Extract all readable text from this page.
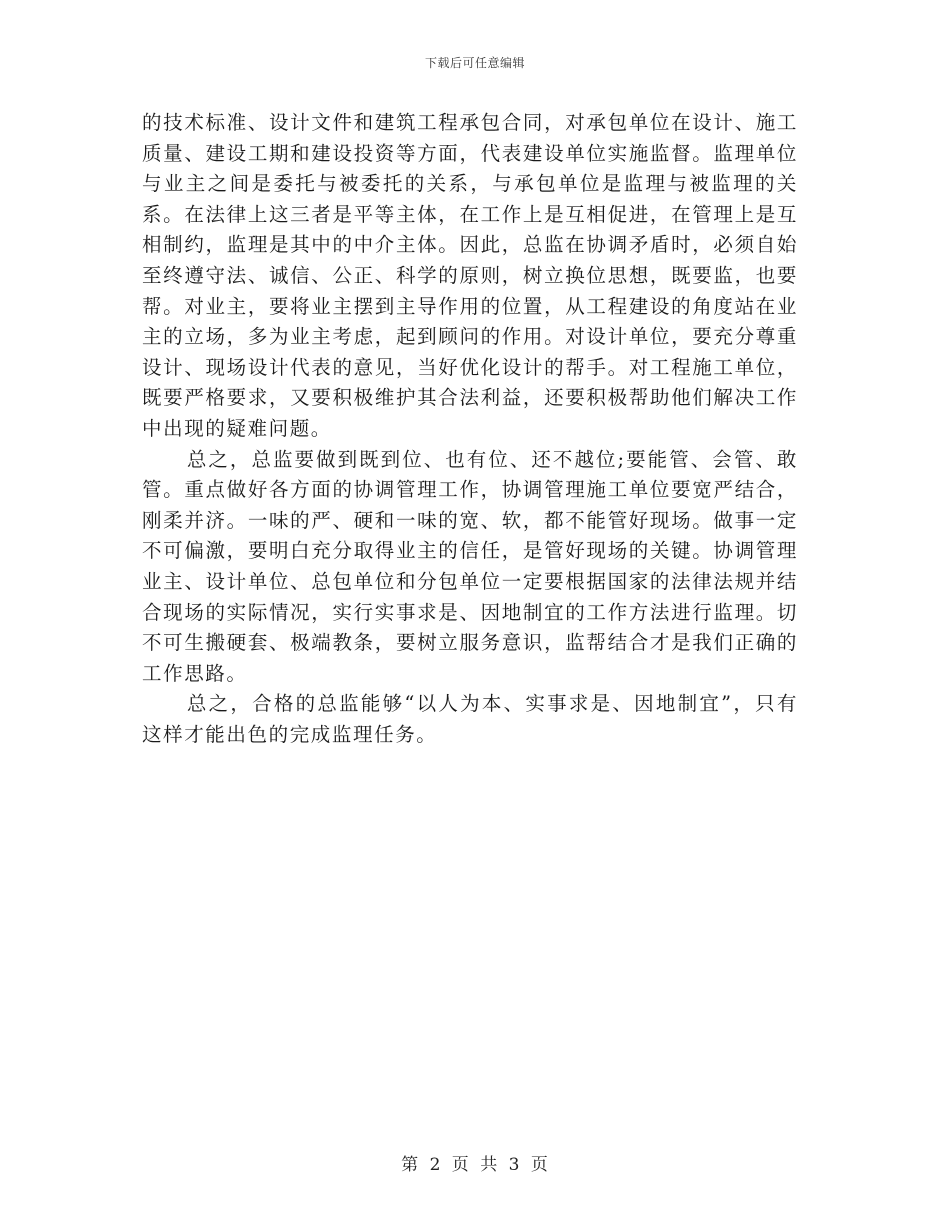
下载后可任意编辑

的技术标准、设计文件和建筑工程承包合同，对承包单位在设计、施工质量、建设工期和建设投资等方面，代表建设单位实施监督。监理单位与业主之间是委托与被委托的关系，与承包单位是监理与被监理的关系。在法律上这三者是平等主体，在工作上是互相促进，在管理上是互相制约，监理是其中的中介主体。因此，总监在协调矛盾时，必须自始至终遵守法、诚信、公正、科学的原则，树立换位思想，既要监，也要帮。对业主，要将业主摆到主导作用的位置，从工程建设的角度站在业主的立场，多为业主考虑，起到顾问的作用。对设计单位，要充分尊重设计、现场设计代表的意见，当好优化设计的帮手。对工程施工单位， 既要严格要求，又要积极维护其合法利益，还要积极帮助他们解决工作中出现的疑难问题。

总之，总监要做到既到位、也有位、还不越位;要能管、会管、敢管。重点做好各方面的协调管理工作，协调管理施工单位要宽严结合，刚柔并济。一味的严、硬和一味的宽、软，都不能管好现场。做事一定不可偏激，要明白充分取得业主的信任，是管好现场的关键。协调管理业主、设计单位、总包单位和分包单位一定要根据国家的法律法规并结合现场的实际情况，实行实事求是、因地制宜的工作方法进行监理。切不可生搬硬套、极端教条，要树立服务意识，监帮结合才是我们正确的工作思路。

总之，合格的总监能够“以人为本、实事求是、因地制宜”，只有这样才能出色的完成监理任务。

第 2 页 共 3 页
